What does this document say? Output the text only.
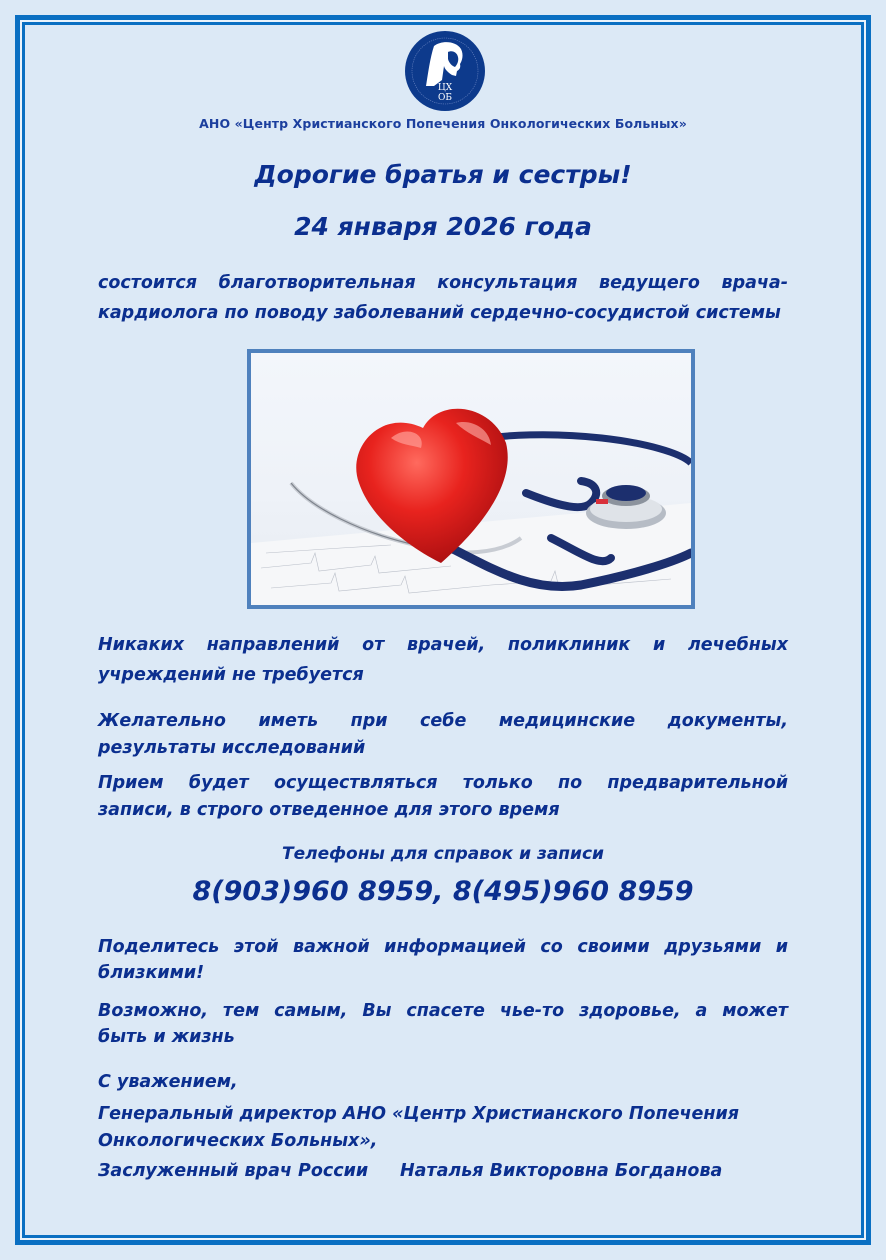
ЦХ
ОБ
АНО «Центр Христианского Попечения Онкологических Больных»
Дорогие братья и сестры!
24 января 2026 года
состоится благотворительная консультация ведущего врача-
кардиолога по поводу заболеваний сердечно-сосудистой системы
Никаких направлений от врачей, поликлиник и лечебных
учреждений не требуется
Желательно иметь при себе медицинские документы,
результаты исследований
Прием будет осуществляться только по предварительной
записи, в строго отведенное для этого время
Телефоны для справок и записи
8(903)960 8959, 8(495)960 8959
Поделитесь этой важной информацией со своими друзьями и
близкими!
Возможно, тем самым, Вы спасете чье-то здоровье, а может
быть и жизнь
С уважением,
Генеральный директор АНО «Центр Христианского Попечения
Онкологических Больных»,
Заслуженный врач России Наталья Викторовна Богданова
